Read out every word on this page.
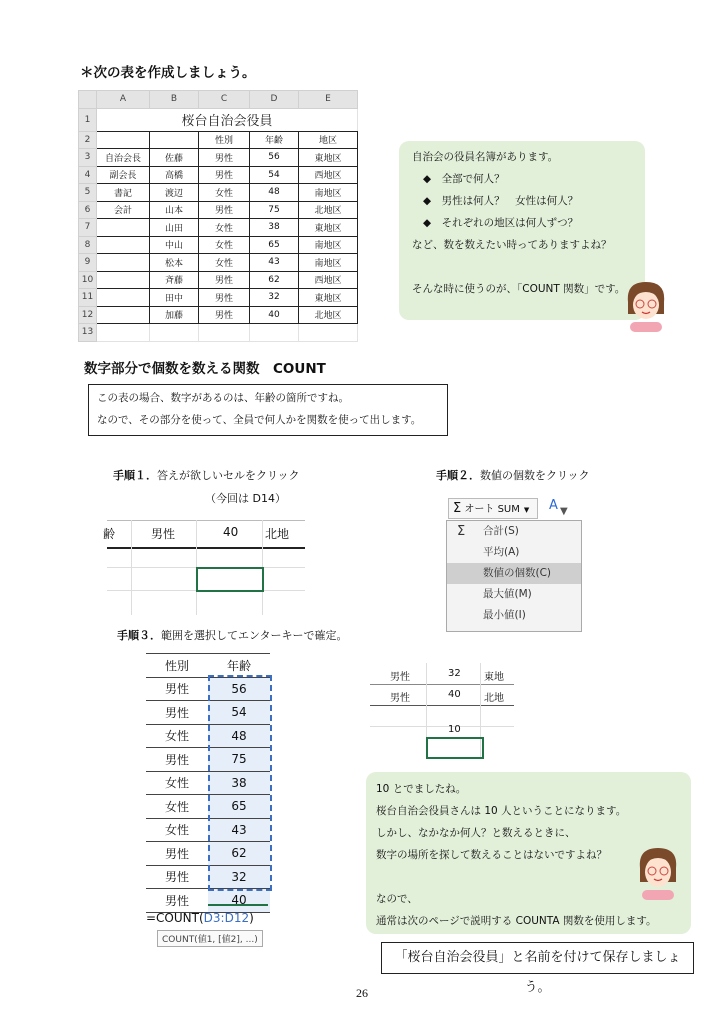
＊次の表を作成しましょう。
	A	B	C	D	E
1	桜台自治会役員				
2			性別	年齢	地区
3	自治会長	佐藤	男性	56	東地区
4	副会長	高橋	男性	54	西地区
5	書記	渡辺	女性	48	南地区
6	会計	山本	男性	75	北地区
7		山田	女性	38	東地区
8		中山	女性	65	南地区
9		松本	女性	43	南地区
10		斉藤	男性	62	西地区
11		田中	男性	32	東地区
12		加藤	男性	40	北地区
13					
自治会の役員名簿があります。
◆　全部で何人？
◆　男性は何人？　女性は何人？
◆　それぞれの地区は何人ずつ？
など、数を数えたい時ってありますよね？
そんな時に使うのが、「COUNT 関数」です。
数字部分で個数を数える関数　COUNT
この表の場合、数字があるのは、年齢の箇所ですね。
なので、その部分を使って、全員で何人かを関数を使って出します。
手順１．答えが欲しいセルをクリック
（今回は D14）
齢	男性	40 北地
手順２．数値の個数をクリック
Σ オート SUM ▼	A ▼
Σ 合計(S)
平均(A)
数値の個数(C)
最大値(M)
最小値(I)
手順３．範囲を選択してエンターキーで確定。
性別	年齢
男性	56
男性	54
女性	48
男性	75
女性	38
女性	65
女性	43
男性	62
男性	32
男性	40
=COUNT(D3:D12)
COUNT(値1, [値2], ...)
男性	32 東地
男性	40 北地
10
10 とでましたね。
桜台自治会役員さんは 10 人ということになります。
しかし、なかなか何人？と数えるときに、
数字の場所を探して数えることはないですよね？
なので、
通常は次のページで説明する COUNTA 関数を使用します。
「桜台自治会役員」と名前を付けて保存しましょう。
26
